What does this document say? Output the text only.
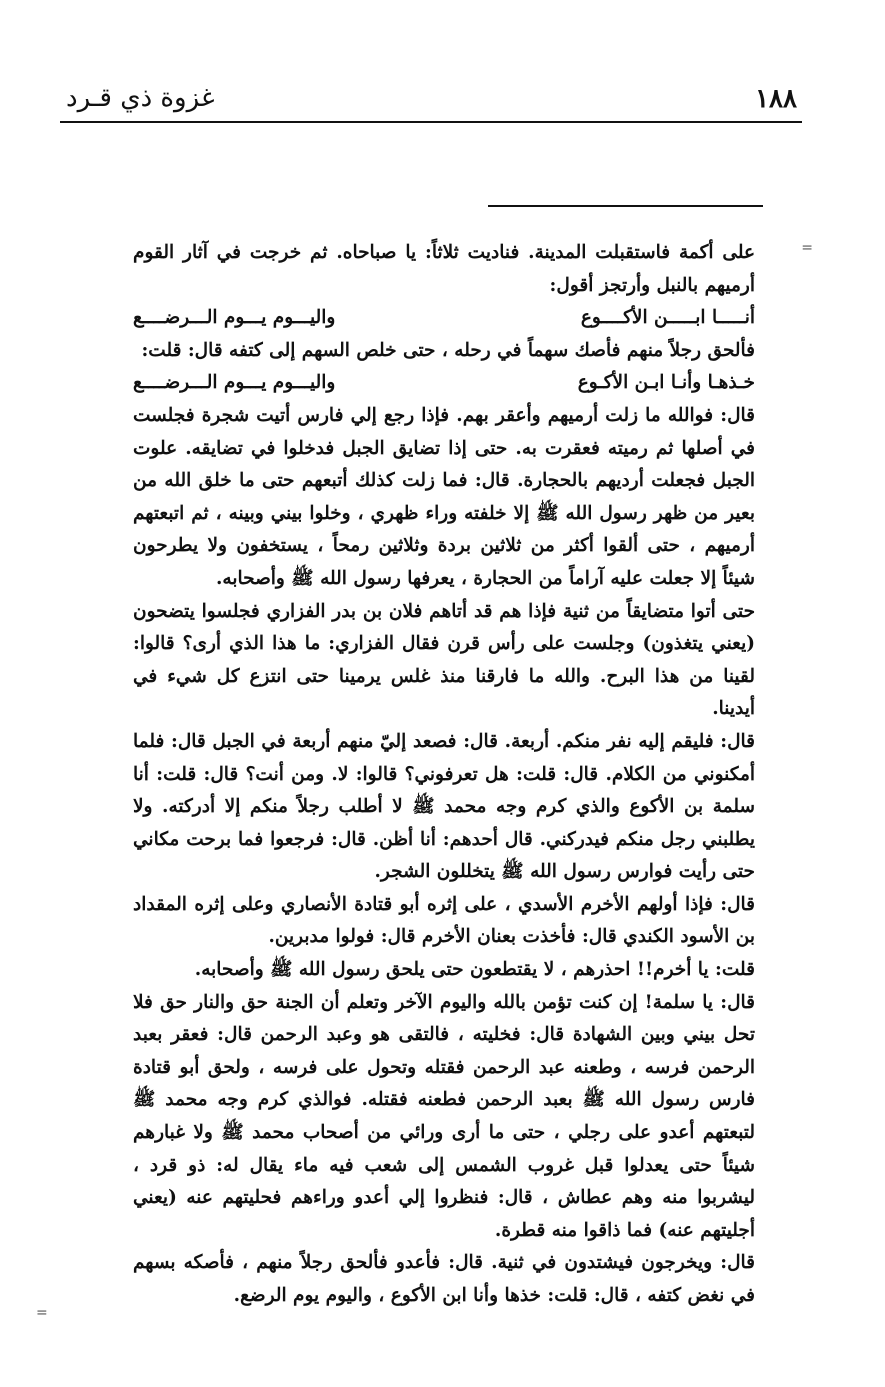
١٨٨
غزوة ذي قـرد
=
=

على أكمة فاستقبلت المدينة. فناديت ثلاثاً: يا صباحاه. ثم خرجت في آثار القوم أرميهم بالنبل وأرتجز أقول:

أنـــــا ابـــــن الأكــــوع
واليـــوم يـــوم الـــرضــــع

فألحق رجلاً منهم فأصك سهماً في رحله ، حتى خلص السهم إلى كتفه قال: قلت:

خـذهـا وأنـا ابـن الأكـوع
واليـــوم يـــوم الـــرضــــع

قال: فوالله ما زلت أرميهم وأعقر بهم. فإذا رجع إلي فارس أتيت شجرة فجلست في أصلها ثم رميته فعقرت به. حتى إذا تضايق الجبل فدخلوا في تضايقه. علوت الجبل فجعلت أرديهم بالحجارة. قال: فما زلت كذلك أتبعهم حتى ما خلق الله من بعير من ظهر رسول الله ﷺ إلا خلفته وراء ظهري ، وخلوا بيني وبينه ، ثم اتبعتهم أرميهم ، حتى ألقوا أكثر من ثلاثين بردة وثلاثين رمحاً ، يستخفون ولا يطرحون شيئاً إلا جعلت عليه آراماً من الحجارة ، يعرفها رسول الله ﷺ وأصحابه.

حتى أتوا متضايقاً من ثنية فإذا هم قد أتاهم فلان بن بدر الفزاري فجلسوا يتضحون (يعني يتغذون) وجلست على رأس قرن فقال الفزاري: ما هذا الذي أرى؟ قالوا: لقينا من هذا البرح. والله ما فارقنا منذ غلس يرمينا حتى انتزع كل شيء في أيدينا.

قال: فليقم إليه نفر منكم. أربعة. قال: فصعد إليّ منهم أربعة في الجبل قال: فلما أمكنوني من الكلام. قال: قلت: هل تعرفوني؟ قالوا: لا. ومن أنت؟ قال: قلت: أنا سلمة بن الأكوع والذي كرم وجه محمد ﷺ لا أطلب رجلاً منكم إلا أدركته. ولا يطلبني رجل منكم فيدركني. قال أحدهم: أنا أظن. قال: فرجعوا فما برحت مكاني حتى رأيت فوارس رسول الله ﷺ يتخللون الشجر.

قال: فإذا أولهم الأخرم الأسدي ، على إثره أبو قتادة الأنصاري وعلى إثره المقداد بن الأسود الكندي قال: فأخذت بعنان الأخرم قال: فولوا مدبرين.

قلت: يا أخرم!! احذرهم ، لا يقتطعون حتى يلحق رسول الله ﷺ وأصحابه.

قال: يا سلمة! إن كنت تؤمن بالله واليوم الآخر وتعلم أن الجنة حق والنار حق فلا تحل بيني وبين الشهادة قال: فخليته ، فالتقى هو وعبد الرحمن قال: فعقر بعبد الرحمن فرسه ، وطعنه عبد الرحمن فقتله وتحول على فرسه ، ولحق أبو قتادة فارس رسول الله ﷺ بعبد الرحمن فطعنه فقتله. فوالذي كرم وجه محمد ﷺ لتبعتهم أعدو على رجلي ، حتى ما أرى ورائي من أصحاب محمد ﷺ ولا غبارهم شيئاً حتى يعدلوا قبل غروب الشمس إلى شعب فيه ماء يقال له: ذو قرد ، ليشربوا منه وهم عطاش ، قال: فنظروا إلي أعدو وراءهم فحليتهم عنه (يعني أجليتهم عنه) فما ذاقوا منه قطرة.

قال: ويخرجون فيشتدون في ثنية. قال: فأعدو فألحق رجلاً منهم ، فأصكه بسهم في نغض كتفه ، قال: قلت: خذها وأنا ابن الأكوع ، واليوم يوم الرضع.
